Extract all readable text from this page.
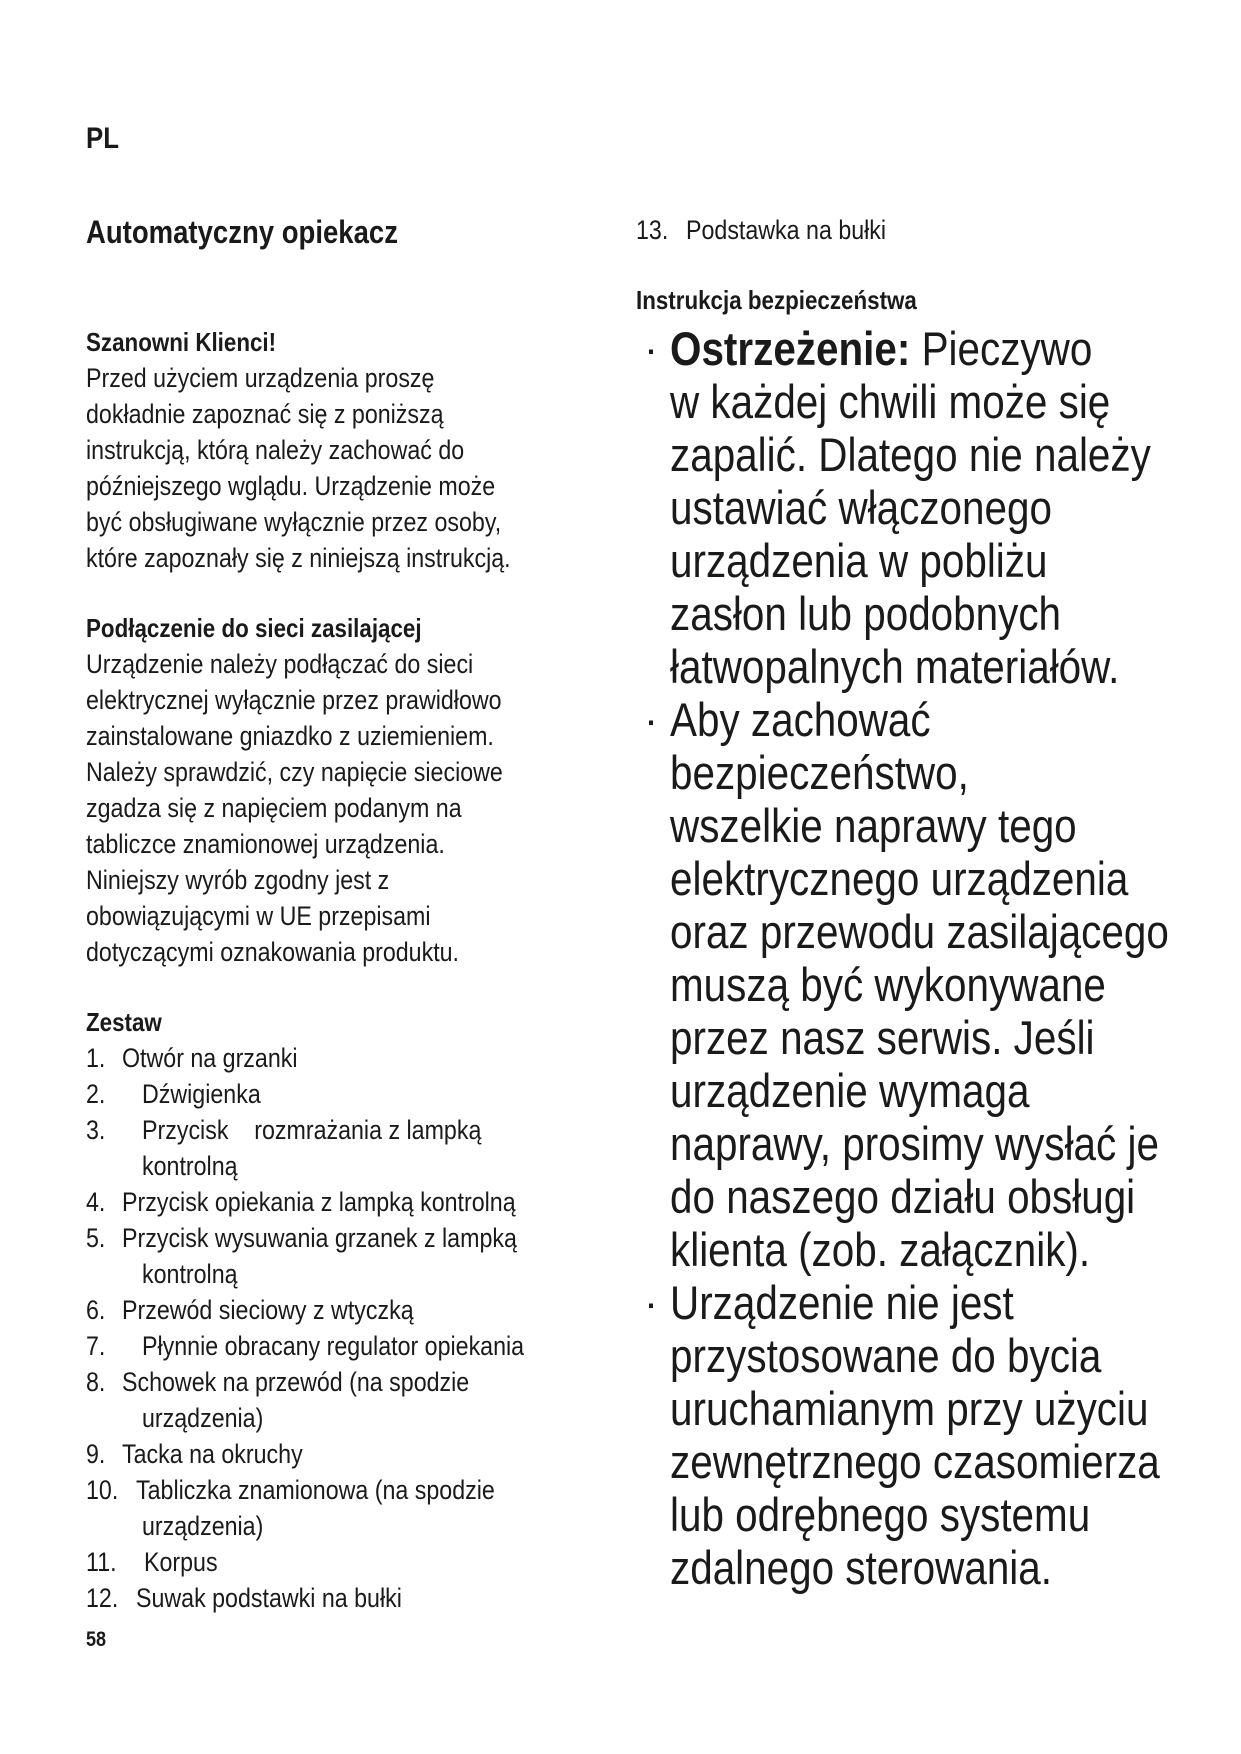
PL
Automatyczny opiekacz
Szanowni Klienci!
Przed użyciem urządzenia proszę
dokładnie zapoznać się z poniższą
instrukcją, którą należy zachować do
późniejszego wglądu. Urządzenie może
być obsługiwane wyłącznie przez osoby,
które zapoznały się z niniejszą instrukcją.
Podłączenie do sieci zasilającej
Urządzenie należy podłączać do sieci
elektrycznej wyłącznie przez prawidłowo
zainstalowane gniazdko z uziemieniem.
Należy sprawdzić, czy napięcie sieciowe
zgadza się z napięciem podanym na
tabliczce znamionowej urządzenia.
Niniejszy wyrób zgodny jest z
obowiązującymi w UE przepisami
dotyczącymi oznakowania produktu.
Zestaw
1. Otwór na grzanki
2.	Dźwigienka
3.	Przycisk    rozmrażania z lampką
kontrolną
4. Przycisk opiekania z lampką kontrolną
5. Przycisk wysuwania grzanek z lampką
kontrolną
6. Przewód sieciowy z wtyczką
7.	Płynnie obracany regulator opiekania
8. Schowek na przewód (na spodzie
urządzenia)
9. Tacka na okruchy
10. Tabliczka znamionowa (na spodzie
urządzenia)
11.	Korpus
12. Suwak podstawki na bułki
58
13. Podstawka na bułki
Instrukcja bezpieczeństwa
· Ostrzeżenie: Pieczywo
w każdej chwili może się
zapalić. Dlatego nie należy
ustawiać włączonego
urządzenia w pobliżu
zasłon lub podobnych
łatwopalnych materiałów.
· Aby zachować
bezpieczeństwo,
wszelkie naprawy tego
elektrycznego urządzenia
oraz przewodu zasilającego
muszą być wykonywane
przez nasz serwis. Jeśli
urządzenie wymaga
naprawy, prosimy wysłać je
do naszego działu obsługi
klienta (zob. załącznik).
· Urządzenie nie jest
przystosowane do bycia
uruchamianym przy użyciu
zewnętrznego czasomierza
lub odrębnego systemu
zdalnego sterowania.
